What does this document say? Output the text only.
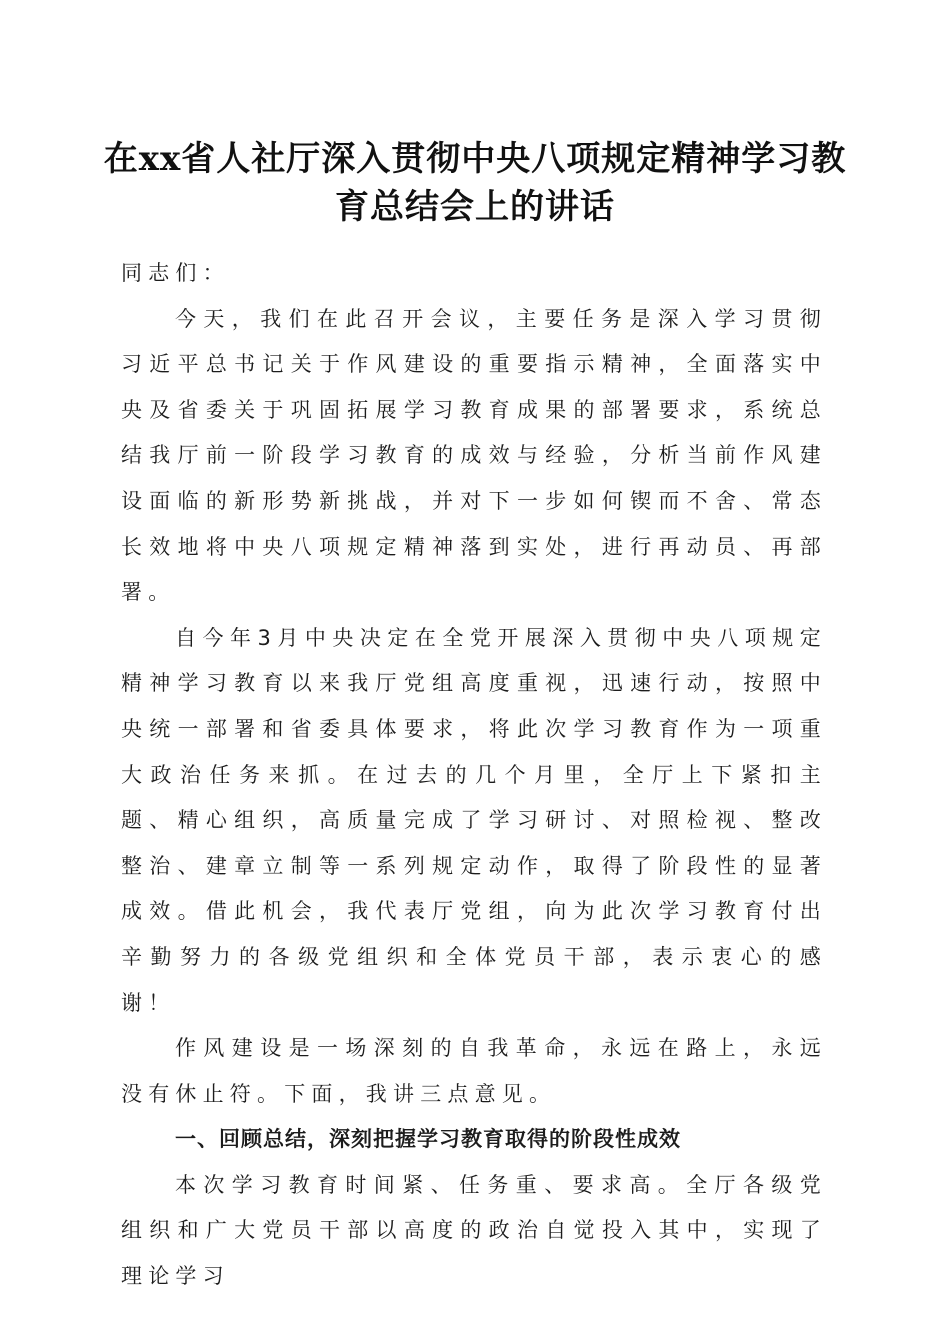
在xx省人社厅深入贯彻中央八项规定精神学习教育总结会上的讲话

同志们：

今天，我们在此召开会议，主要任务是深入学习贯彻习近平总书记关于作风建设的重要指示精神，全面落实中央及省委关于巩固拓展学习教育成果的部署要求，系统总结我厅前一阶段学习教育的成效与经验，分析当前作风建设面临的新形势新挑战，并对下一步如何锲而不舍、常态长效地将中央八项规定精神落到实处，进行再动员、再部署。

自今年3月中央决定在全党开展深入贯彻中央八项规定精神学习教育以来我厅党组高度重视，迅速行动，按照中央统一部署和省委具体要求，将此次学习教育作为一项重大政治任务来抓。在过去的几个月里，全厅上下紧扣主题、精心组织，高质量完成了学习研讨、对照检视、整改整治、建章立制等一系列规定动作，取得了阶段性的显著成效。借此机会，我代表厅党组，向为此次学习教育付出辛勤努力的各级党组织和全体党员干部，表示衷心的感谢！

作风建设是一场深刻的自我革命，永远在路上，永远没有休止符。下面，我讲三点意见。

一、回顾总结，深刻把握学习教育取得的阶段性成效

本次学习教育时间紧、任务重、要求高。全厅各级党组织和广大党员干部以高度的政治自觉投入其中，实现了理论学习
